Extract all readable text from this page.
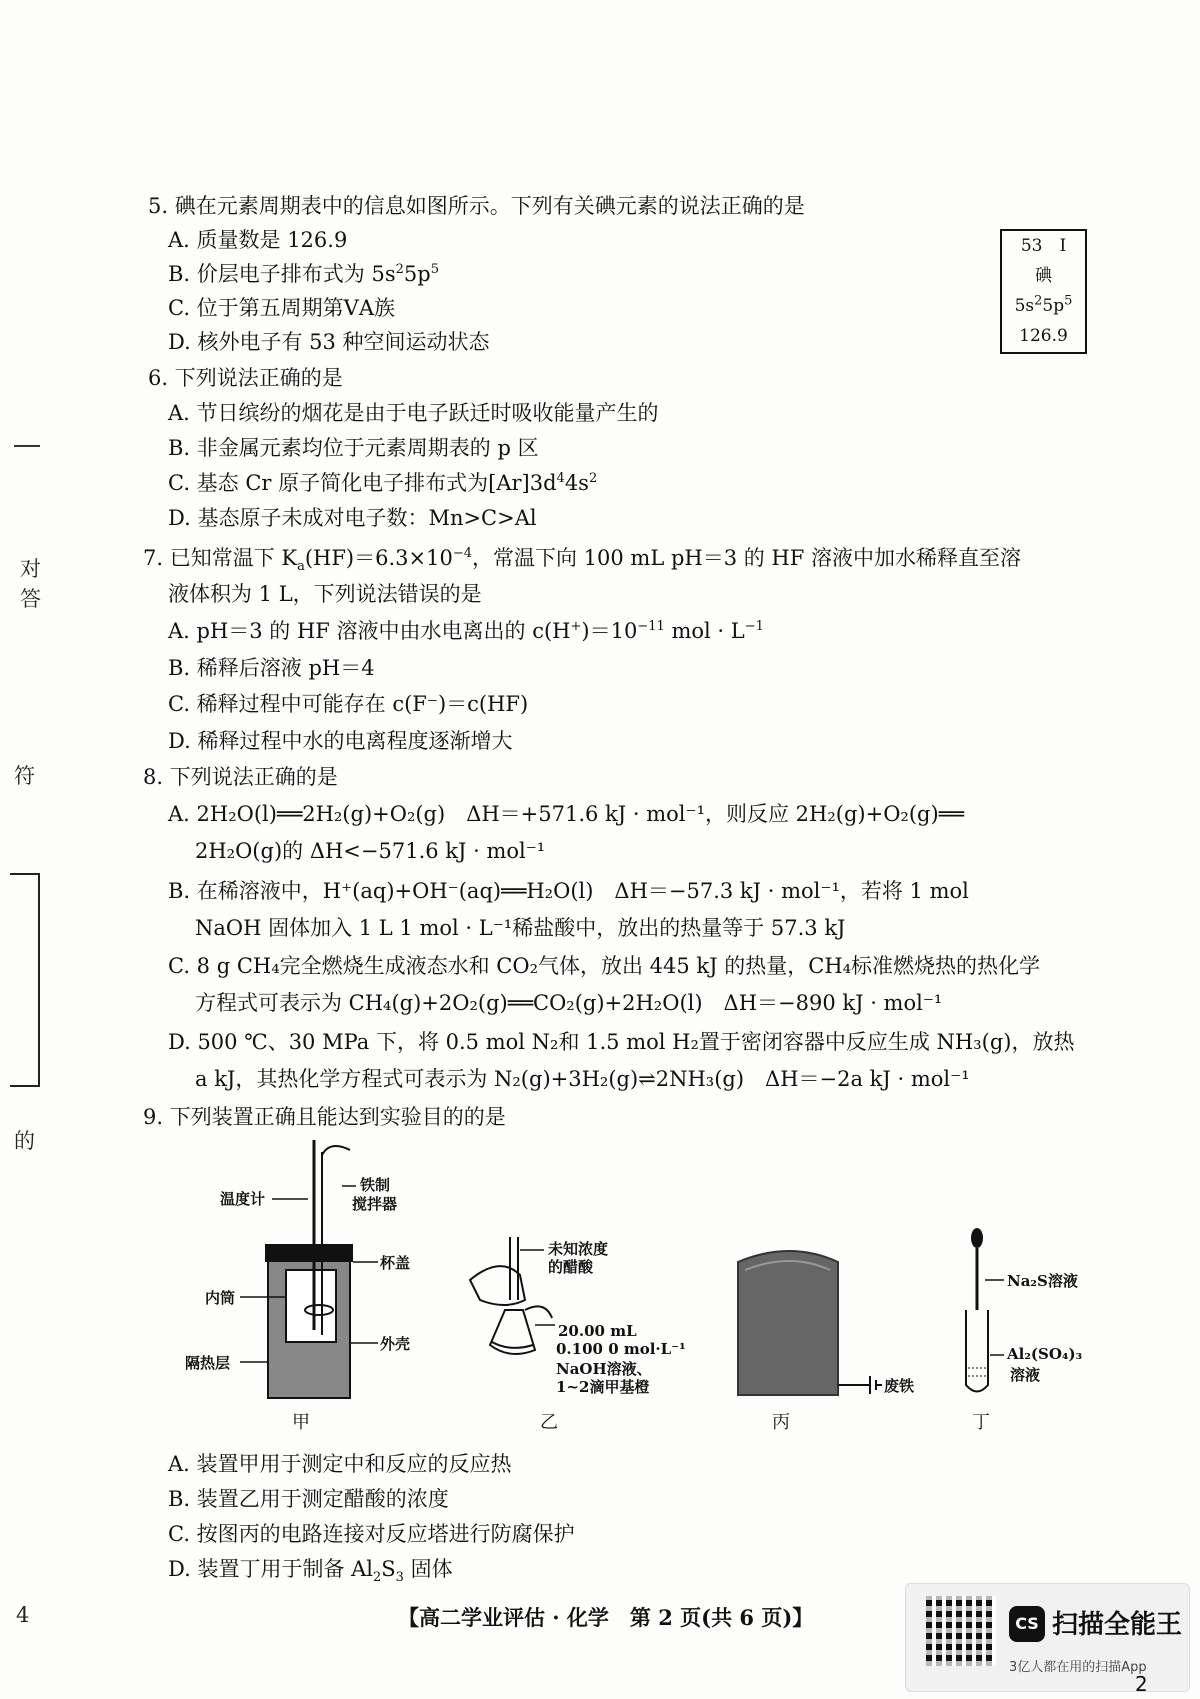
5. 碘在元素周期表中的信息如图所示。下列有关碘元素的说法正确的是
A. 质量数是 126.9
B. 价层电子排布式为 $5s^25p^5$
C. 位于第五周期第ⅤA族
D. 核外电子有 53 种空间运动状态
53　I
碘
$5s^25p^5$
126.9
6. 下列说法正确的是
A. 节日缤纷的烟花是由于电子跃迁时吸收能量产生的
B. 非金属元素均位于元素周期表的 p 区
C. 基态 Cr 原子简化电子排布式为$[Ar]3d^44s^2$
D. 基态原子未成对电子数：Mn>C>Al
7. 已知常温下 $K_a(HF)=6.3\times 10^{-4}$，常温下向 100 mL pH＝3 的 HF 溶液中加水稀释直至溶
液体积为 1 L，下列说法错误的是
A. pH＝3 的 HF 溶液中由水电离出的 $c(H^+)=10^{-11}$ mol · $L^{-1}$
B. 稀释后溶液 pH＝4
C. 稀释过程中可能存在 c(F⁻)＝c(HF)
D. 稀释过程中水的电离程度逐渐增大
8. 下列说法正确的是
A. 2H₂O(l)══2H₂(g)+O₂(g)　ΔH＝+571.6 kJ · mol⁻¹，则反应 2H₂(g)+O₂(g)══
2H₂O(g)的 ΔH<−571.6 kJ · mol⁻¹
B. 在稀溶液中，H⁺(aq)+OH⁻(aq)══H₂O(l)　ΔH＝−57.3 kJ · mol⁻¹，若将 1 mol
NaOH 固体加入 1 L 1 mol · L⁻¹稀盐酸中，放出的热量等于 57.3 kJ
C. 8 g CH₄完全燃烧生成液态水和 CO₂气体，放出 445 kJ 的热量，CH₄标准燃烧热的热化学
方程式可表示为 CH₄(g)+2O₂(g)══CO₂(g)+2H₂O(l)　ΔH＝−890 kJ · mol⁻¹
D. 500 ℃、30 MPa 下，将 0.5 mol N₂和 1.5 mol H₂置于密闭容器中反应生成 NH₃(g)，放热
a kJ，其热化学方程式可表示为 N₂(g)+3H₂(g)⇌2NH₃(g)　ΔH＝−2a kJ · mol⁻¹
9. 下列装置正确且能达到实验目的的是
温度计
铁制
搅拌器
杯盖
内筒
外壳
隔热层
甲
未知浓度
的醋酸
20.00 mL
0.100 0 mol·L⁻¹
NaOH溶液、
1~2滴甲基橙
乙
废铁
丙
Na₂S溶液
Al₂(SO₄)₃
溶液
丁
A. 装置甲用于测定中和反应的反应热
B. 装置乙用于测定醋酸的浓度
C. 按图丙的电路连接对反应塔进行防腐保护
D. 装置丁用于制备 $Al_2S_3$ 固体
对
答
符
的
4	【高二学业评估 · 化学　第 2 页(共 6 页)】	CS 扫描全能王
3亿人都在用的扫描App
2
